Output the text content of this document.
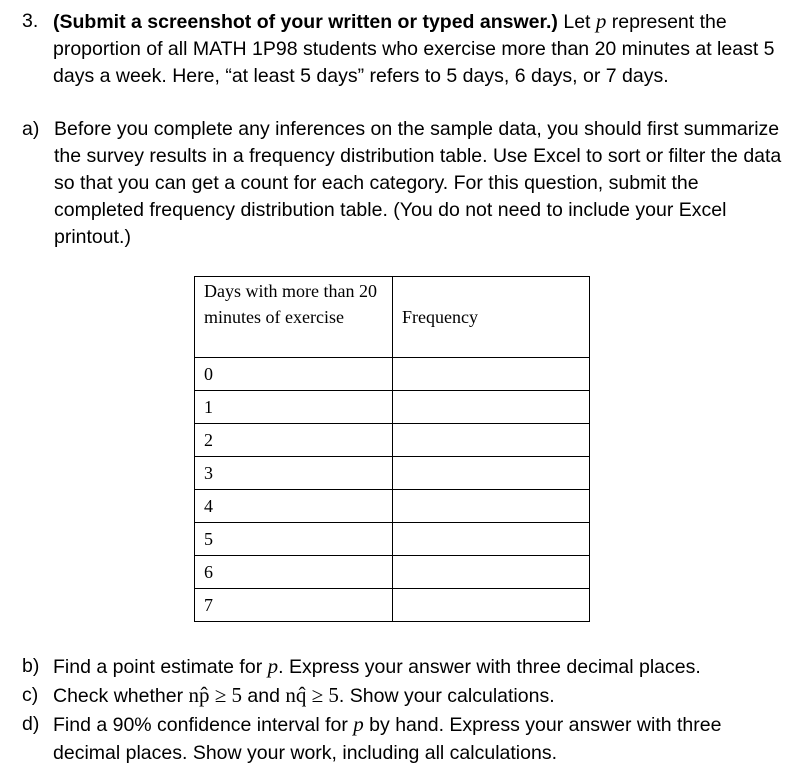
3. (Submit a screenshot of your written or typed answer.) Let p represent the proportion of all MATH 1P98 students who exercise more than 20 minutes at least 5 days a week. Here, “at least 5 days” refers to 5 days, 6 days, or 7 days.
a) Before you complete any inferences on the sample data, you should first summarize the survey results in a frequency distribution table. Use Excel to sort or filter the data so that you can get a count for each category. For this question, submit the completed frequency distribution table. (You do not need to include your Excel printout.)
Days with more than 20 minutes of exercise	Frequency
0	
1	
2	
3	
4	
5	
6	
7	
b) Find a point estimate for p. Express your answer with three decimal places.
c) Check whether np̂ ≥ 5 and nq̂ ≥ 5. Show your calculations.
d) Find a 90% confidence interval for p by hand. Express your answer with three decimal places. Show your work, including all calculations.
